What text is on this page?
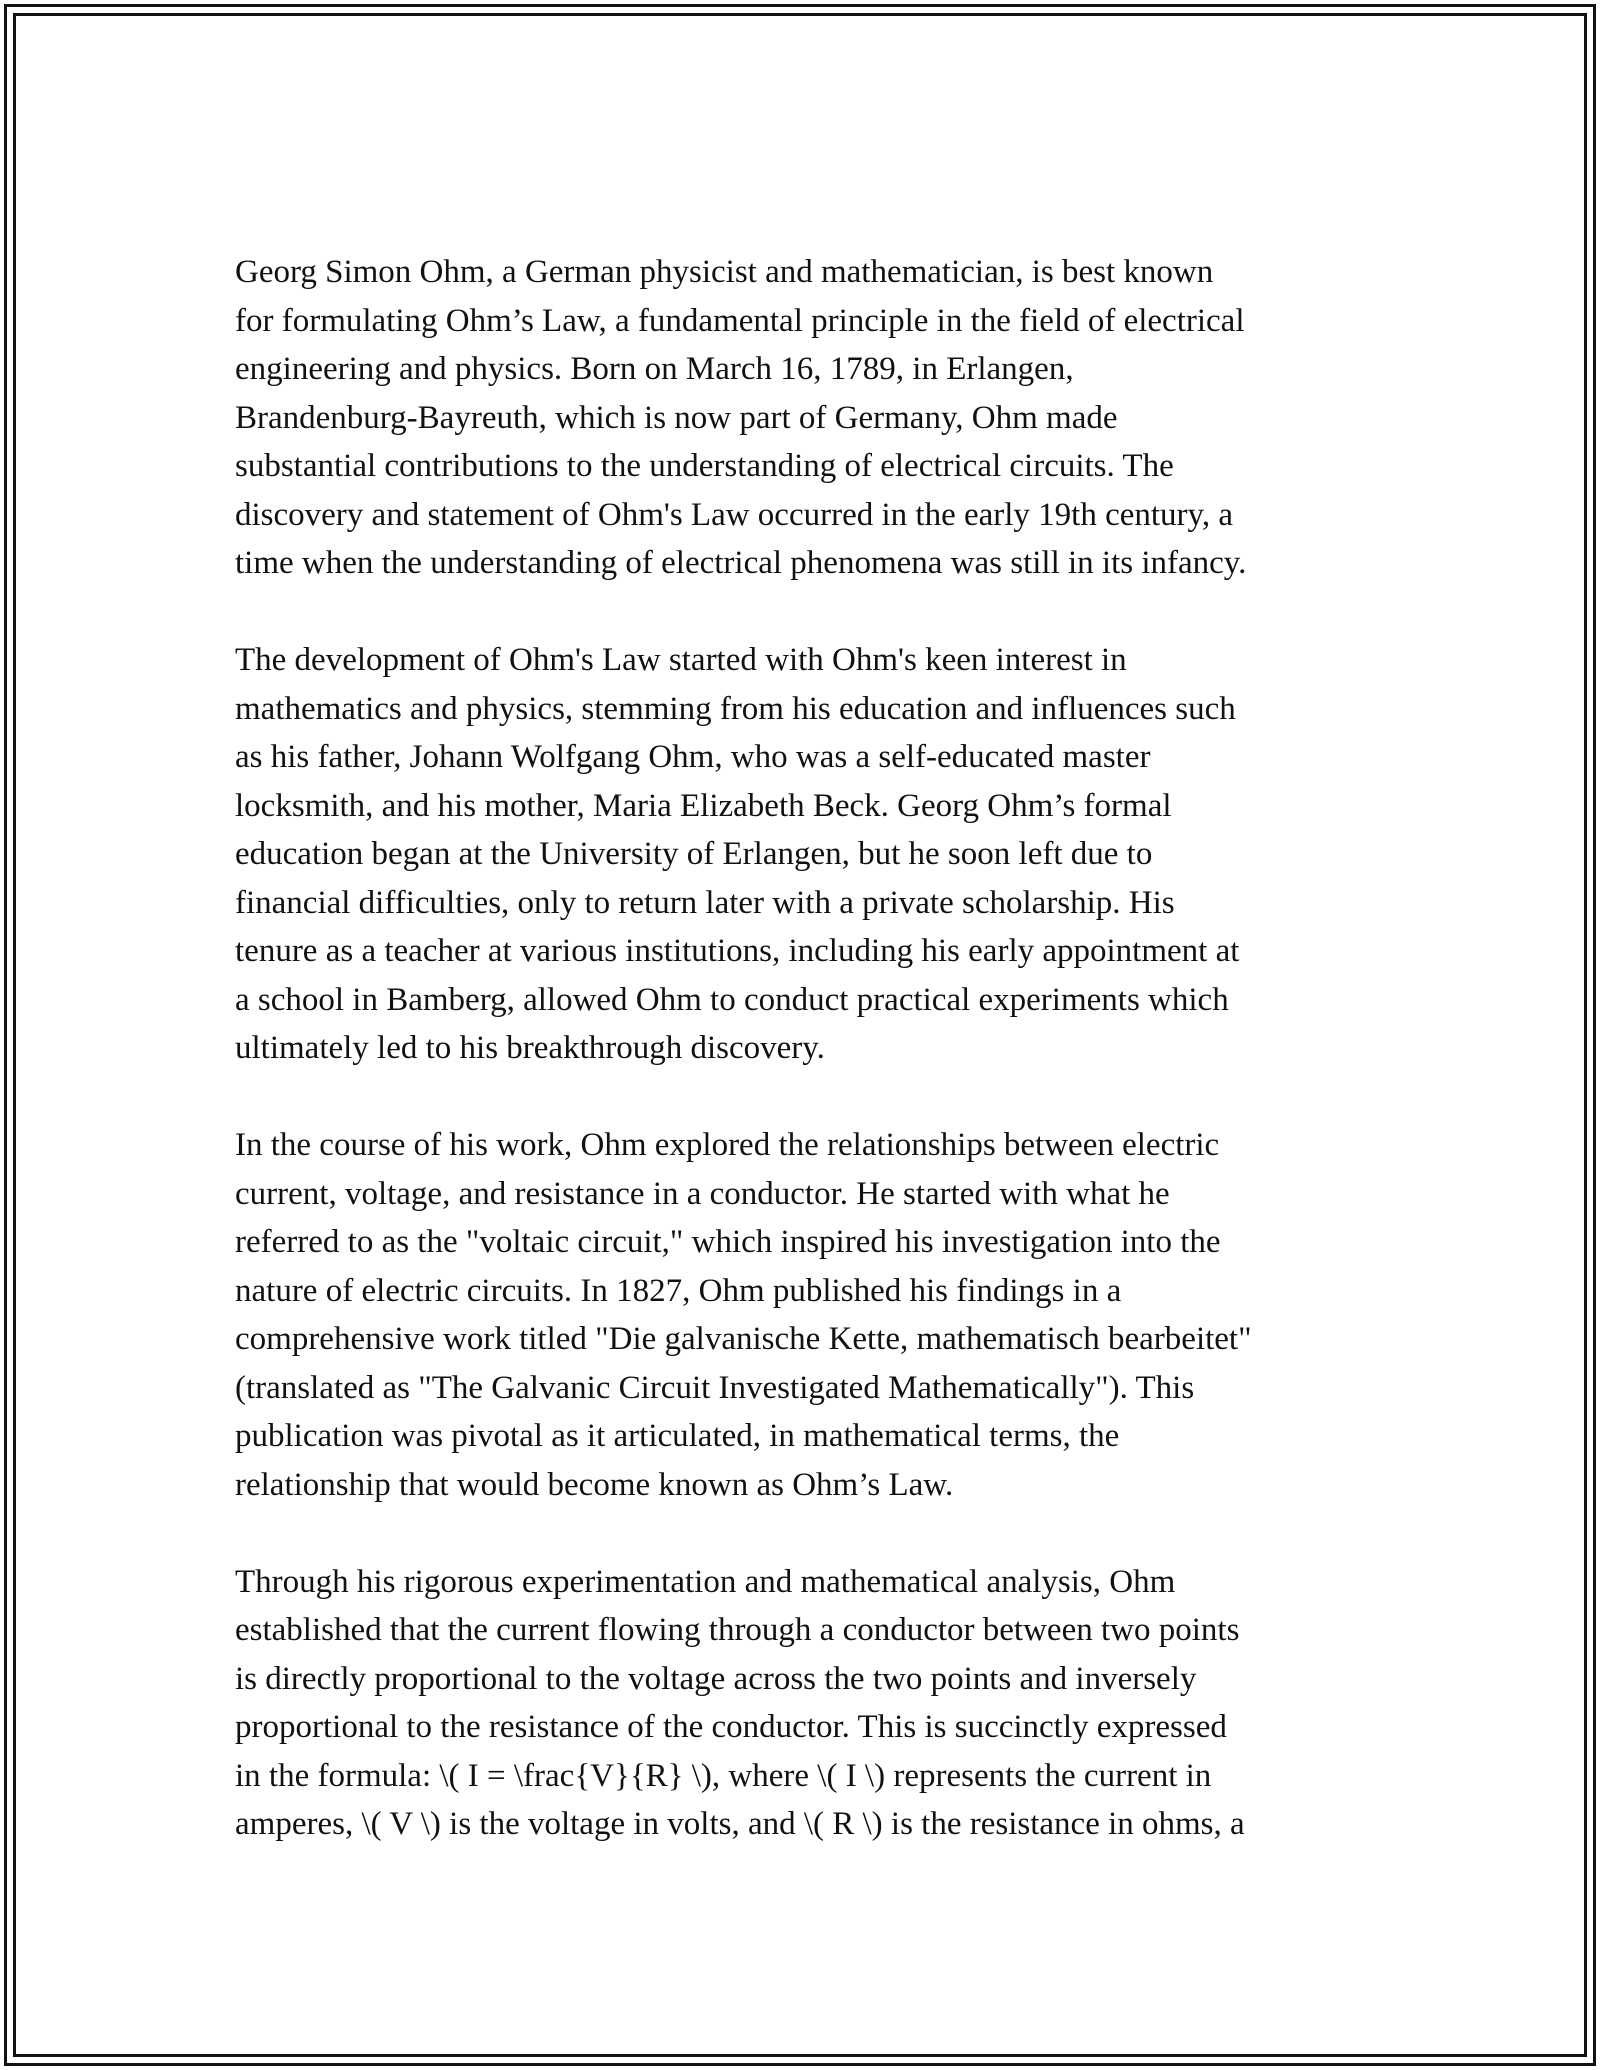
Georg Simon Ohm, a German physicist and mathematician, is best known
for formulating Ohm’s Law, a fundamental principle in the field of electrical
engineering and physics. Born on March 16, 1789, in Erlangen,
Brandenburg-Bayreuth, which is now part of Germany, Ohm made
substantial contributions to the understanding of electrical circuits. The
discovery and statement of Ohm's Law occurred in the early 19th century, a
time when the understanding of electrical phenomena was still in its infancy.

The development of Ohm's Law started with Ohm's keen interest in
mathematics and physics, stemming from his education and influences such
as his father, Johann Wolfgang Ohm, who was a self-educated master
locksmith, and his mother, Maria Elizabeth Beck. Georg Ohm’s formal
education began at the University of Erlangen, but he soon left due to
financial difficulties, only to return later with a private scholarship. His
tenure as a teacher at various institutions, including his early appointment at
a school in Bamberg, allowed Ohm to conduct practical experiments which
ultimately led to his breakthrough discovery.

In the course of his work, Ohm explored the relationships between electric
current, voltage, and resistance in a conductor. He started with what he
referred to as the "voltaic circuit," which inspired his investigation into the
nature of electric circuits. In 1827, Ohm published his findings in a
comprehensive work titled "Die galvanische Kette, mathematisch bearbeitet"
(translated as "The Galvanic Circuit Investigated Mathematically"). This
publication was pivotal as it articulated, in mathematical terms, the
relationship that would become known as Ohm’s Law.

Through his rigorous experimentation and mathematical analysis, Ohm
established that the current flowing through a conductor between two points
is directly proportional to the voltage across the two points and inversely
proportional to the resistance of the conductor. This is succinctly expressed
in the formula: \( I = \frac{V}{R} \), where \( I \) represents the current in
amperes, \( V \) is the voltage in volts, and \( R \) is the resistance in ohms, a
